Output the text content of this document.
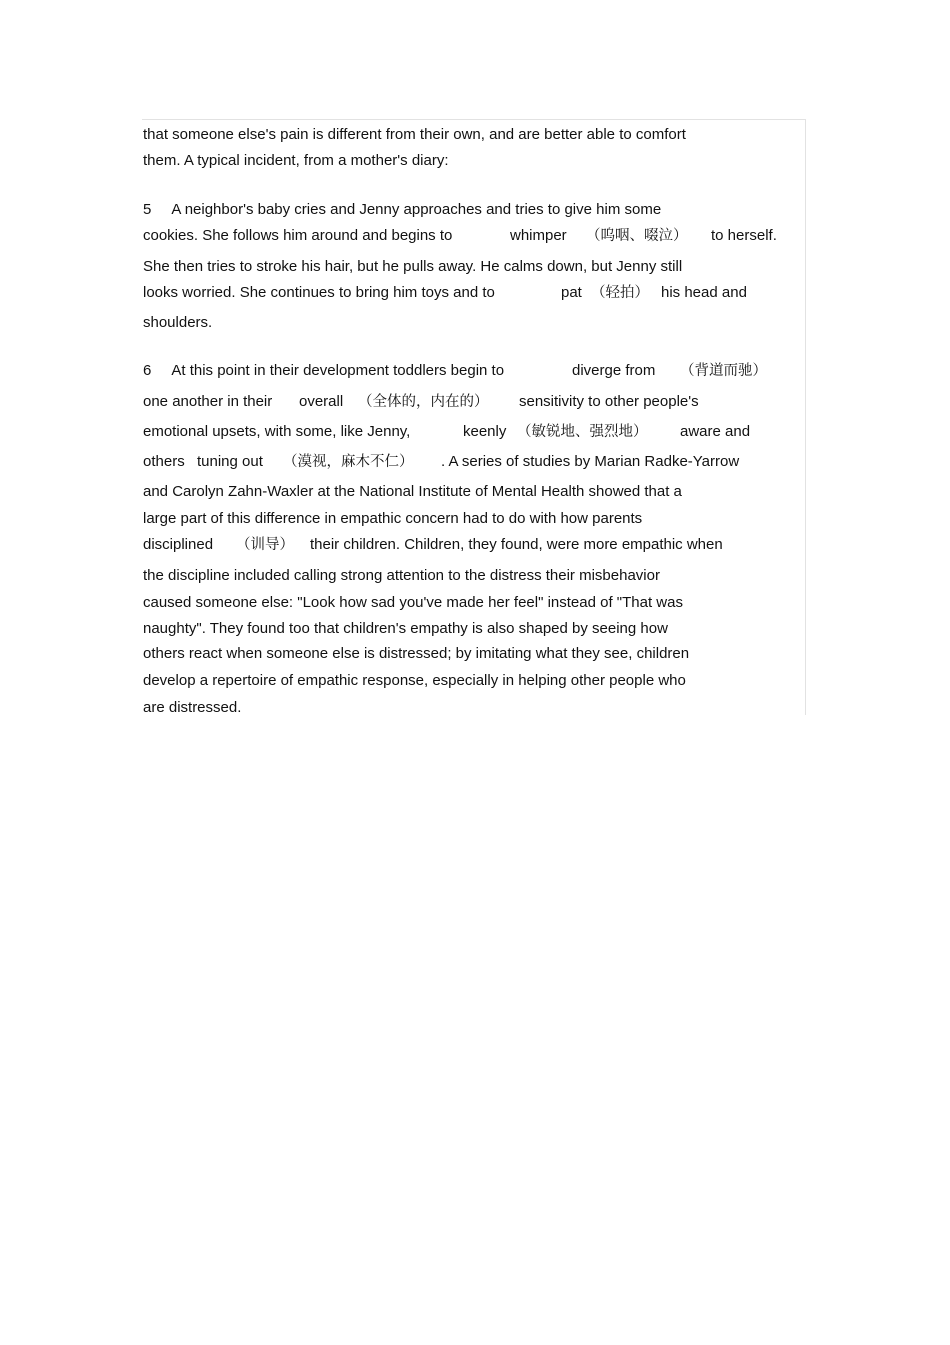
that someone else's pain is different from their own, and are better able to comfort
them. A typical incident, from a mother's diary:
5     A neighbor's baby cries and Jenny approaches and tries to give him some

cookies. She follows him around and begins to

	whimper

（呜咽、啜泣）

to herself.

She then tries to stroke his hair, but he pulls away. He calms down, but Jenny still

looks worried. She continues to bring him toys and to

	pat

（轻拍）

his head and

shoulders.

6     At this point in their development toddlers begin to

	diverge from

（背道而驰）

one another in their

overall

（全体的，内在的）

sensitivity to other people's

emotional upsets, with some, like Jenny,

	keenly

（敏锐地、强烈地）

aware and

others

tuning out

（漠视，麻木不仁）

. A series of studies by Marian Radke-Yarrow

and Carolyn Zahn-Waxler at the National Institute of Mental Health showed that a
large part of this difference in empathic concern had to do with how parents

disciplined

（训导）

their children. Children, they found, were more empathic when

the discipline included calling strong attention to the distress their misbehavior
caused someone else: "Look how sad you've made her feel" instead of "That was
naughty". They found too that children's empathy is also shaped by seeing how
others react when someone else is distressed; by imitating what they see, children
develop a repertoire of empathic response, especially in helping other people who
are distressed.
